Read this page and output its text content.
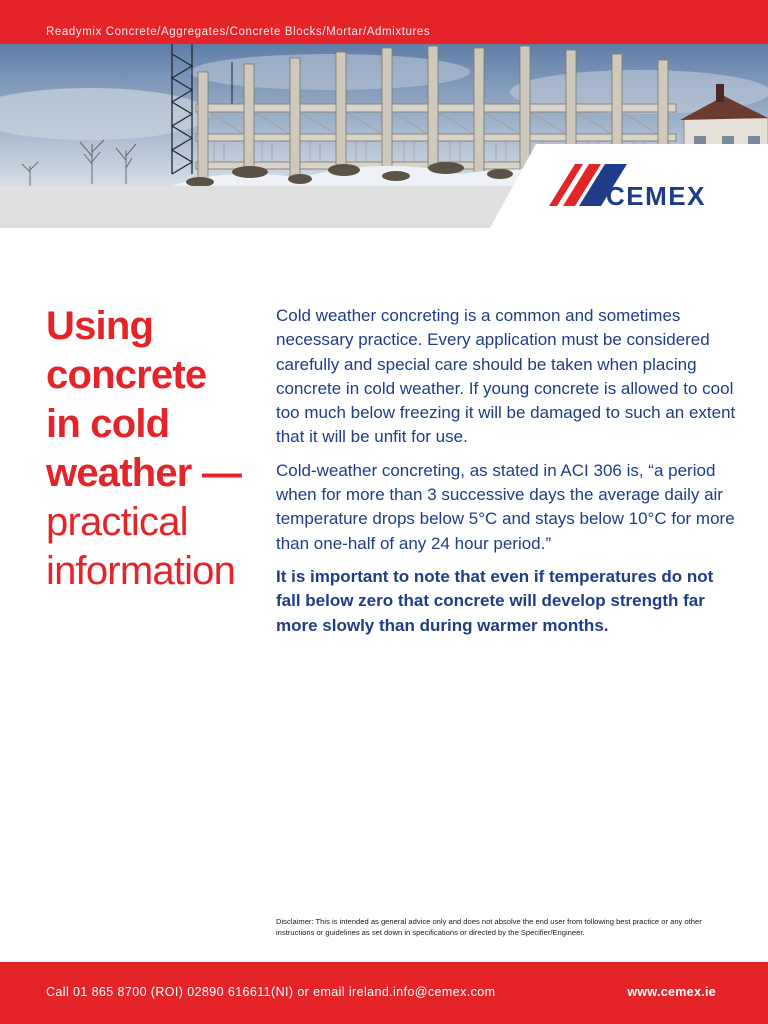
Readymix Concrete/Aggregates/Concrete Blocks/Mortar/Admixtures
CEMEX
Using
concrete
in cold
weather —
practical
information

Cold weather concreting is a common and sometimes necessary practice. Every application must be considered carefully and special care should be taken when placing concrete in cold weather. If young concrete is allowed to cool too much below freezing it will be damaged to such an extent that it will be unfit for use.

Cold-weather concreting, as stated in ACI 306 is, “a period when for more than 3 successive days the average daily air temperature drops below 5°C and stays below 10°C for more than one-half of any 24 hour period.”

It is important to note that even if temperatures do not fall below zero that concrete will develop strength far more slowly than during warmer months.

Disclaimer: This is intended as general advice only and does not absolve the end user from following best practice or any other instructions or guidelines as set down in specifications or directed by the Specifier/Engineer.
Call 01 865 8700 (ROI) 02890 616611(NI) or email ireland.info@cemex.com	www.cemex.ie
